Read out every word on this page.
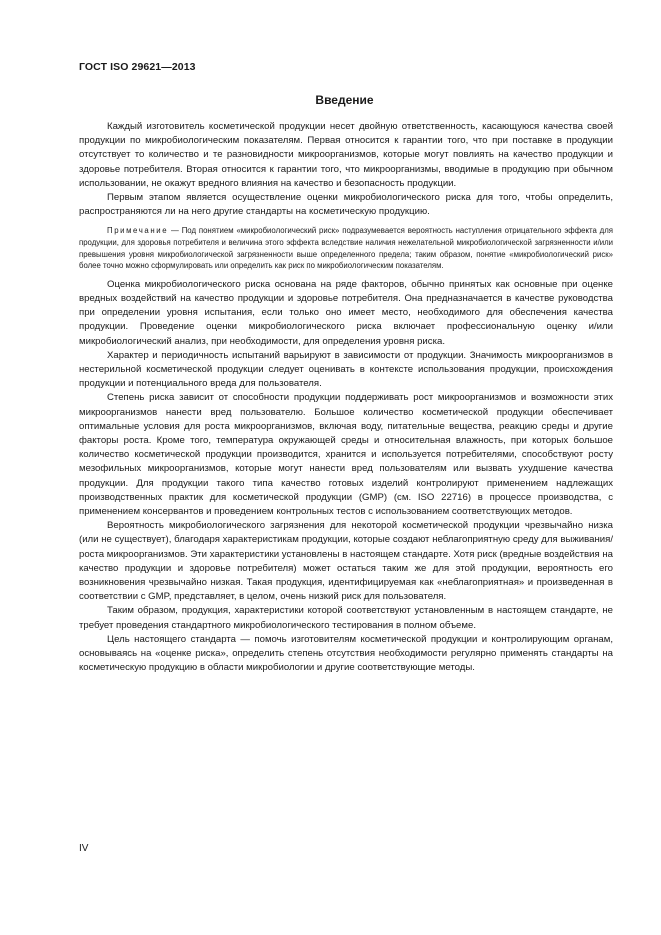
ГОСТ ISO 29621—2013
Введение

Каждый изготовитель косметической продукции несет двойную ответственность, касающуюся качества своей продукции по микробиологическим показателям. Первая относится к гарантии того, что при поставке в продукции отсутствует то количество и те разновидности микроорганизмов, которые могут повлиять на качество продукции и здоровье потребителя. Вторая относится к гарантии того, что микроорганизмы, вводимые в продукцию при обычном использовании, не окажут вредного влияния на качество и безопасность продукции.

Первым этапом является осуществление оценки микробиологического риска для того, чтобы определить, распространяются ли на него другие стандарты на косметическую продукцию.

Примечание — Под понятием «микробиологический риск» подразумевается вероятность наступления отрицательного эффекта для продукции, для здоровья потребителя и величина этого эффекта вследствие наличия нежелательной микробиологической загрязненности и/или превышения уровня микробиологической загрязненности выше определенного предела; таким образом, понятие «микробиологический риск» более точно можно сформулировать или определить как риск по микробиологическим показателям.

Оценка микробиологического риска основана на ряде факторов, обычно принятых как основные при оценке вредных воздействий на качество продукции и здоровье потребителя. Она предназначается в качестве руководства при определении уровня испытания, если только оно имеет место, необходимого для обеспечения качества продукции. Проведение оценки микробиологического риска включает профессиональную оценку и/или микробиологический анализ, при необходимости, для определения уровня риска.

Характер и периодичность испытаний варьируют в зависимости от продукции. Значимость микроорганизмов в нестерильной косметической продукции следует оценивать в контексте использования продукции, происхождения продукции и потенциального вреда для пользователя.

Степень риска зависит от способности продукции поддерживать рост микроорганизмов и возможности этих микроорганизмов нанести вред пользователю. Большое количество косметической продукции обеспечивает оптимальные условия для роста микроорганизмов, включая воду, питательные вещества, реакцию среды и другие факторы роста. Кроме того, температура окружающей среды и относительная влажность, при которых большое количество косметической продукции производится, хранится и используется потребителями, способствуют росту мезофильных микроорганизмов, которые могут нанести вред пользователям или вызвать ухудшение качества продукции. Для продукции такого типа качество готовых изделий контролируют применением надлежащих производственных практик для косметической продукции (GMP) (см. ISO 22716) в процессе производства, с применением консервантов и проведением контрольных тестов с использованием соответствующих методов.

Вероятность микробиологического загрязнения для некоторой косметической продукции чрезвычайно низка (или не существует), благодаря характеристикам продукции, которые создают неблагоприятную среду для выживания/роста микроорганизмов. Эти характеристики установлены в настоящем стандарте. Хотя риск (вредные воздействия на качество продукции и здоровье потребителя) может остаться таким же для этой продукции, вероятность его возникновения чрезвычайно низкая. Такая продукция, идентифицируемая как «неблагоприятная» и произведенная в соответствии с GMP, представляет, в целом, очень низкий риск для пользователя.

Таким образом, продукция, характеристики которой соответствуют установленным в настоящем стандарте, не требует проведения стандартного микробиологического тестирования в полном объеме.

Цель настоящего стандарта — помочь изготовителям косметической продукции и контролирующим органам, основываясь на «оценке риска», определить степень отсутствия необходимости регулярно применять стандарты на косметическую продукцию в области микробиологии и другие соответствующие методы.

IV
